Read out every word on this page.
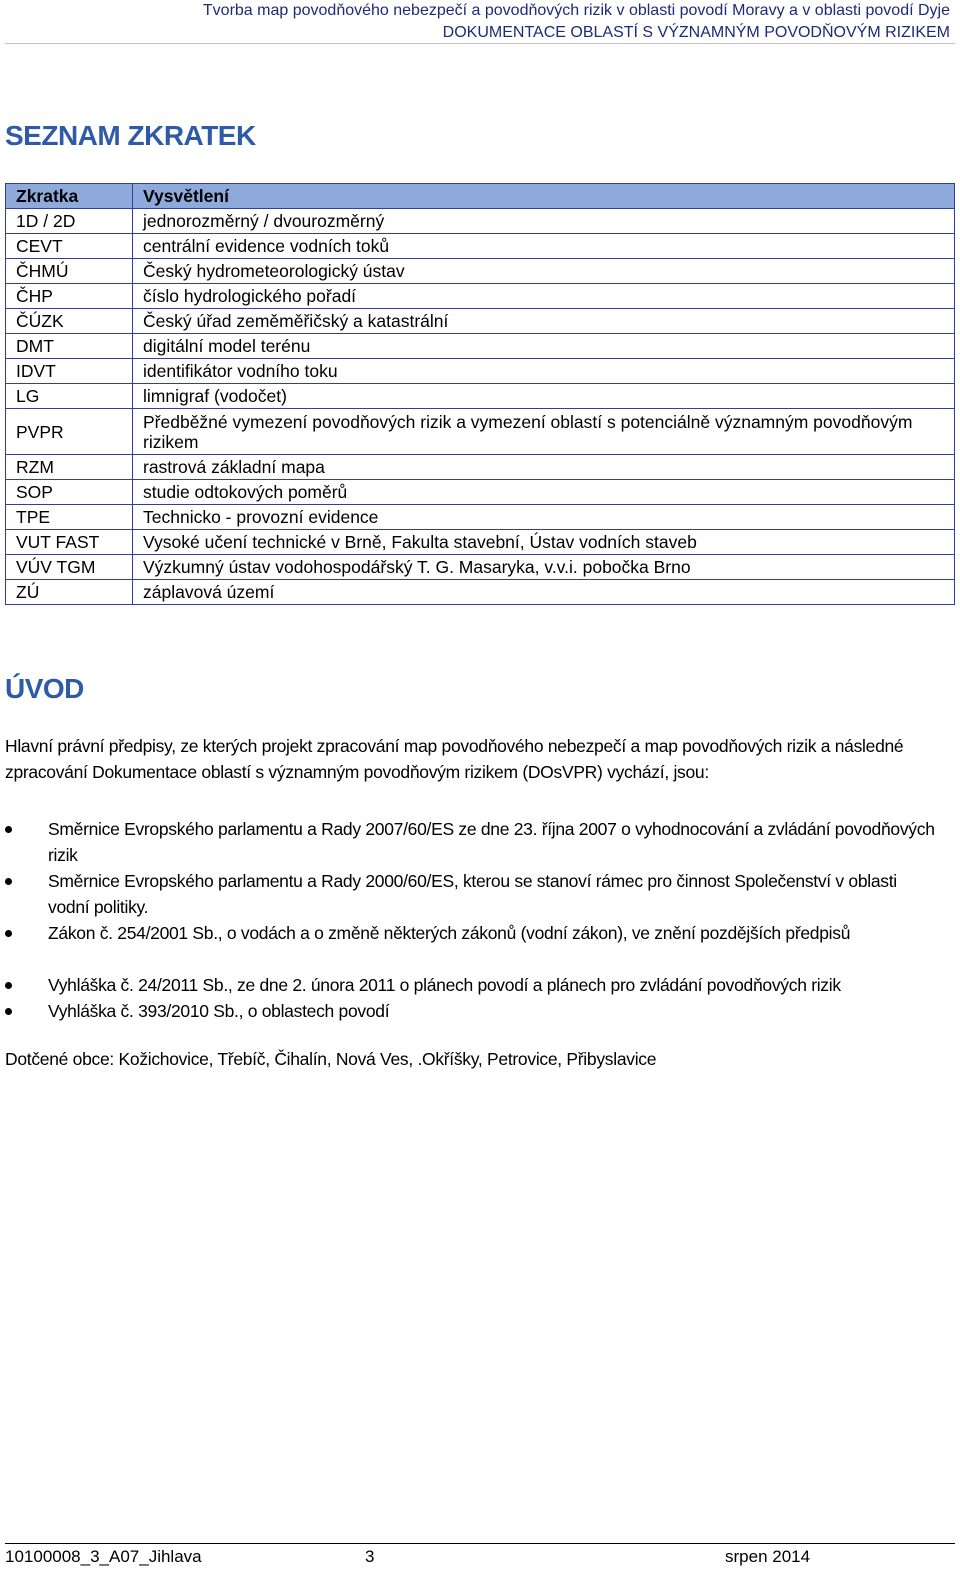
Tvorba map povodňového nebezpečí a povodňových rizik v oblasti povodí Moravy a v oblasti povodí Dyje
DOKUMENTACE OBLASTÍ S VÝZNAMNÝM POVODŇOVÝM RIZIKEM
SEZNAM ZKRATEK
Zkratka	Vysvětlení
1D / 2D	jednorozměrný / dvourozměrný
CEVT	centrální evidence vodních toků
ČHMÚ	Český hydrometeorologický ústav
ČHP	číslo hydrologického pořadí
ČÚZK	Český úřad zeměměřičský a katastrální
DMT	digitální model terénu
IDVT	identifikátor vodního toku
LG	limnigraf (vodočet)
PVPR	Předběžné vymezení povodňových rizik a vymezení oblastí s potenciálně významným povodňovým rizikem
RZM	rastrová základní mapa
SOP	studie odtokových poměrů
TPE	Technicko - provozní evidence
VUT FAST	Vysoké učení technické v Brně, Fakulta stavební, Ústav vodních staveb
VÚV TGM	Výzkumný ústav vodohospodářský T. G. Masaryka, v.v.i. pobočka Brno
ZÚ	záplavová území
ÚVOD
Hlavní právní předpisy, ze kterých projekt zpracování map povodňového nebezpečí a map povodňových rizik a následné zpracování Dokumentace oblastí s významným povodňovým rizikem (DOsVPR) vychází, jsou:
Směrnice Evropského parlamentu a Rady 2007/60/ES ze dne 23. října 2007 o vyhodnocování a zvládání povodňových rizik
Směrnice Evropského parlamentu a Rady 2000/60/ES, kterou se stanoví rámec pro činnost Společenství v oblasti vodní politiky.
Zákon č. 254/2001 Sb., o vodách a o změně některých zákonů (vodní zákon), ve znění pozdějších předpisů
Vyhláška č. 24/2011 Sb., ze dne 2. února 2011 o plánech povodí a plánech pro zvládání povodňových rizik
Vyhláška č. 393/2010 Sb., o oblastech povodí
Dotčené obce: Kožichovice, Třebíč, Čihalín, Nová Ves, .Okříšky, Petrovice, Přibyslavice
10100008_3_A07_Jihlava	3	srpen 2014
